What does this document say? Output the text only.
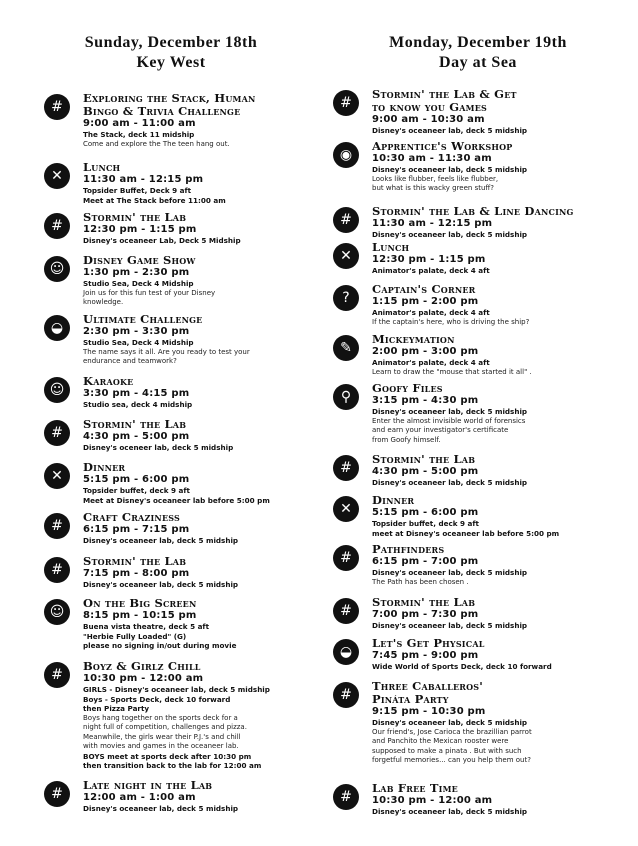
Sunday, December 18th
Key West
#
Exploring the Stack, Human
Bingo & Trivia Challenge
9:00 am - 11:00 am
The Stack, deck 11 midship
Come and explore the The teen hang out.
✕
Lunch
11:30 am - 12:15 pm
Topsider Buffet, Deck 9 aft
Meet at The Stack before 11:00 am
#
Stormin' the Lab
12:30 pm - 1:15 pm
Disney's oceaneer Lab, Deck 5 Midship
☺
Disney Game Show
1:30 pm - 2:30 pm
Studio Sea, Deck 4 Midship
Join us for this fun test of your Disney
knowledge.
◒
Ultimate Challenge
2:30 pm - 3:30 pm
Studio Sea, Deck 4 Midship
The name says it all. Are you ready to test your
endurance and teamwork?
☺
Karaoke
3:30 pm - 4:15 pm
Studio sea, deck 4 midship
#
Stormin' the Lab
4:30 pm - 5:00 pm
Disney's oceneer lab, deck 5 midship
✕
Dinner
5:15 pm - 6:00 pm
Topsider buffet, deck 9 aft
Meet at Disney's oceaneer lab before 5:00 pm
#
Craft Craziness
6:15 pm - 7:15 pm
Disney's oceaneer lab, deck 5 midship
#
Stormin' the Lab
7:15 pm - 8:00 pm
Disney's oceaneer lab, deck 5 midship
☺
On the Big Screen
8:15 pm - 10:15 pm
Buena vista theatre, deck 5 aft
"Herbie Fully Loaded" (G)
please no signing in/out during movie
#
Boyz & Girlz Chill
10:30 pm - 12:00 am
GIRLS - Disney's oceaneer lab, deck 5 midship
Boys - Sports Deck, deck 10 forward
then Pizza Party
Boys hang together on the sports deck for a
night full of competition, challenges and pizza.
Meanwhile, the girls wear their P.J.'s and chill
with movies and games in the oceaneer lab.
BOYS meet at sports deck after 10:30 pm
then transition back to the lab for 12:00 am
#
Late night in the Lab
12:00 am - 1:00 am
Disney's oceaneer lab, deck 5 midship
Monday, December 19th
Day at Sea
#
Stormin' the Lab & Get
to know you Games
9:00 am - 10:30 am
Disney's oceaneer lab, deck 5 midship
◉
Apprentice's Workshop
10:30 am - 11:30 am
Disney's oceaneer lab, deck 5 midship
Looks like flubber, feels like flubber,
but what is this wacky green stuff?
#
Stormin' the Lab & Line Dancing
11:30 am - 12:15 pm
Disney's oceaneer lab, deck 5 midship
✕
Lunch
12:30 pm - 1:15 pm
Animator's palate, deck 4 aft
?
Captain's Corner
1:15 pm - 2:00 pm
Animator's palate, deck 4 aft
If the captain's here, who is driving the ship?
✎
Mickeymation
2:00 pm - 3:00 pm
Animator's palate, deck 4 aft
Learn to draw the "mouse that started it all" .
⚲
Goofy Files
3:15 pm - 4:30 pm
Disney's oceaneer lab, deck 5 midship
Enter the almost invisible world of forensics
and earn your investigator's certificate
from Goofy himself.
#
Stormin' the Lab
4:30 pm - 5:00 pm
Disney's oceaneer lab, deck 5 midship
✕
Dinner
5:15 pm - 6:00 pm
Topsider buffet, deck 9 aft
meet at Disney's oceaneer lab before 5:00 pm
#
Pathfinders
6:15 pm - 7:00 pm
Disney's oceaneer lab, deck 5 midship
The Path has been chosen .
#
Stormin' the Lab
7:00 pm - 7:30 pm
Disney's oceaneer lab, deck 5 midship
◒
Let's Get Physical
7:45 pm - 9:00 pm
Wide World of Sports Deck, deck 10 forward
#
Three Caballeros'
Pináta Party
9:15 pm - 10:30 pm
Disney's oceaneer lab, deck 5 midship
Our friend's, Jose Carioca the brazillian parrot
and Panchito the Mexican rooster were
supposed to make a pinata . But with such
forgetful memories... can you help them out?
#
Lab Free Time
10:30 pm - 12:00 am
Disney's oceaneer lab, deck 5 midship
